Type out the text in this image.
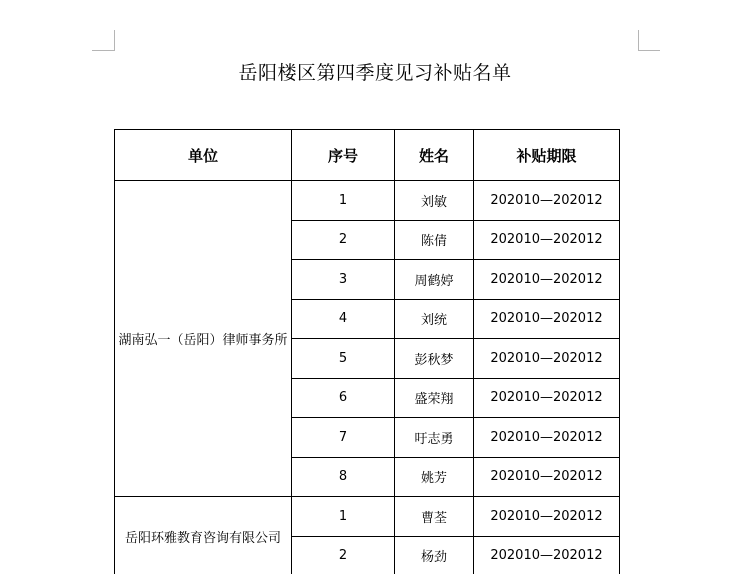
岳阳楼区第四季度见习补贴名单
单位	序号	姓名	补贴期限
湖南弘一（岳阳）律师事务所	1	刘敏	202010—202012
	2	陈倩	202010—202012
	3	周鹤婷	202010—202012
	4	刘统	202010—202012
	5	彭秋梦	202010—202012
	6	盛荣翔	202010—202012
	7	吁志勇	202010—202012
	8	姚芳	202010—202012
岳阳环雅教育咨询有限公司	1	曹荃	202010—202012
	2	杨劲	202010—202012
